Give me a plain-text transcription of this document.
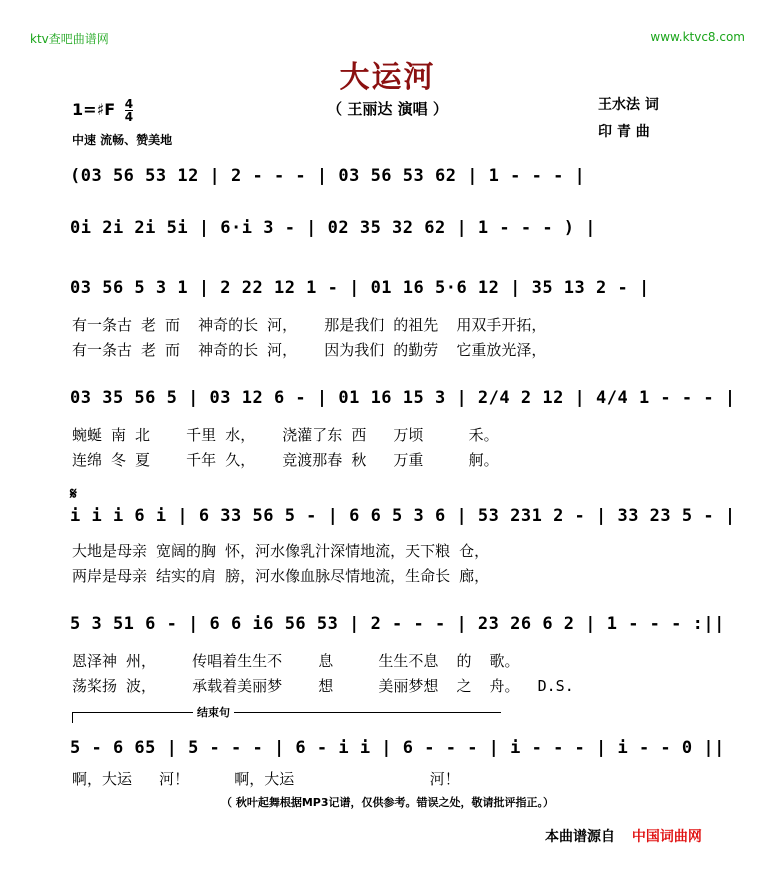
ktv查吧曲谱网	www.ktvc8.com
大运河
（ 王丽达 演唱 ）
1=♯F $\frac{4}{4}$
中速 流畅、赞美地
王水法 词
印 青 曲
(03 56 53 12 | 2 - - - | 03 56 53 62 | 1 - - - |
0i 2i 2i 5i | 6·i 3 - | 02 35 32 62 | 1 - - - ) |
03 56 5 3 1 | 2 22 12 1 - | 01 16 5·6 12 | 35 13 2 - |
有一条古 老 而  神奇的长 河，   那是我们 的祖先  用双手开拓，
有一条古 老 而  神奇的长 河，   因为我们 的勤劳  它重放光泽，
03 35 56 5 | 03 12 6 - | 01 16 15 3 | 2/4 2 12 | 4/4 1 - - - |
蜿蜒 南 北    千里 水，   浇灌了东 西   万顷     禾。
连绵 冬 夏    千年 久，   竞渡那春 秋   万重     舸。
𝄋
i i i 6 i | 6 33 56 5 - | 6 6 5 3 6 | 53 231 2 - | 33 23 5 - |
大地是母亲 宽阔的胸 怀，河水像乳汁深情地流，天下粮 仓，
两岸是母亲 结实的肩 膀，河水像血脉尽情地流，生命长 廊，
5 3 51 6 - | 6 6 i6 56 53 | 2 - - - | 23 26 6 2 | 1 - - - :||
恩泽神 州，    传唱着生生不    息     生生不息  的  歌。
荡桨扬 波，    承载着美丽梦    想     美丽梦想  之  舟。  D.S.
结束句
5 - 6 65 | 5 - - - | 6 - i i | 6 - - - | i - - - | i - - 0 ||
啊，大运   河！     啊，大运               河！
（ 秋叶起舞根据MP3记谱，仅供参考。错误之处，敬请批评指正。）
本曲谱源自 中国词曲网
